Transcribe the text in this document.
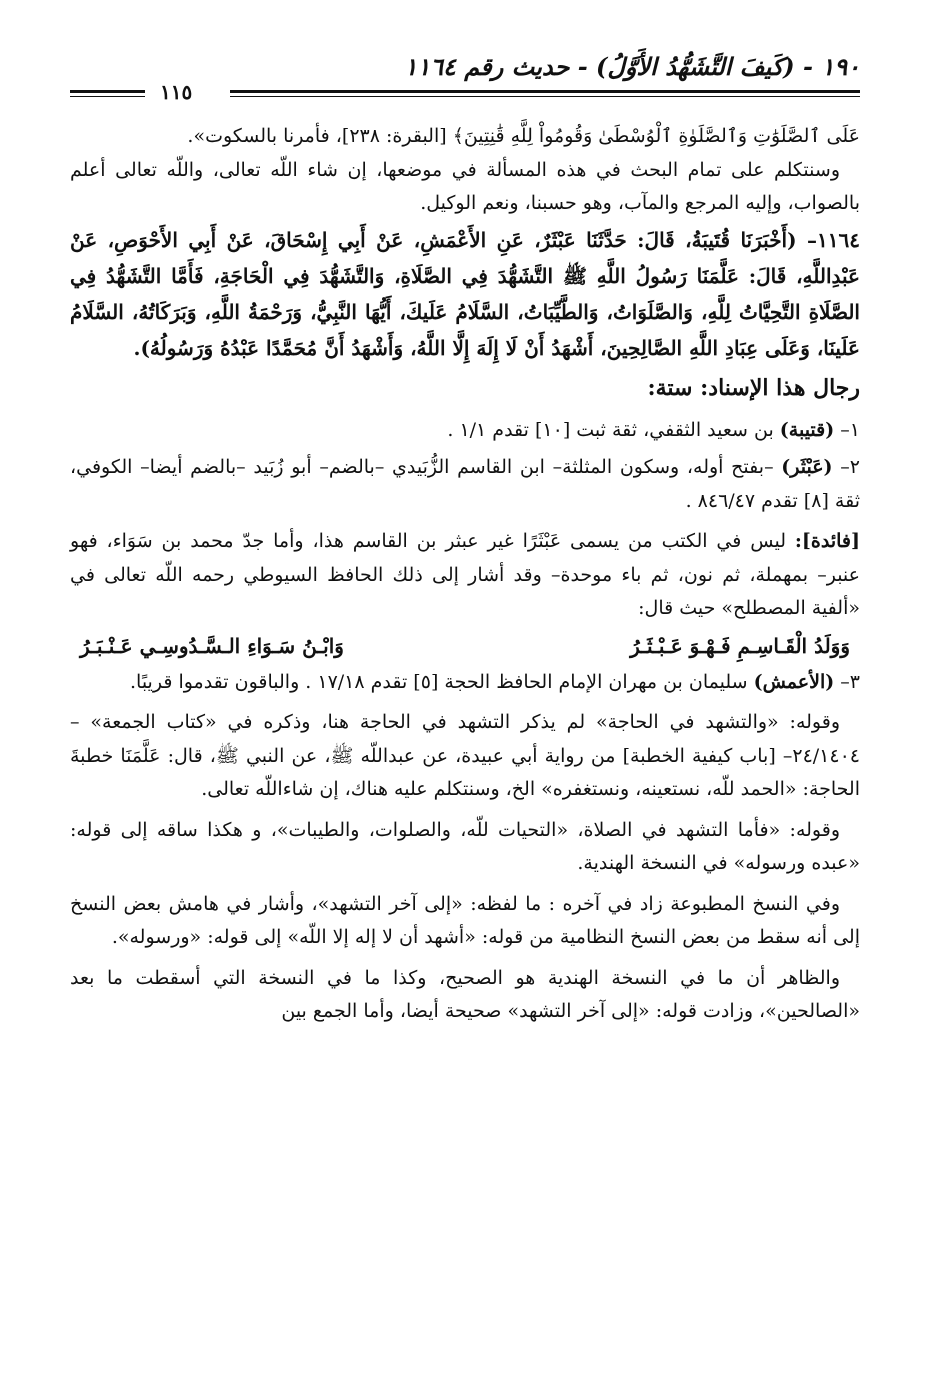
١٩٠ - (كَيفَ التَّشَهُّدُ الأَوَّلُ) - حديث رقم ١١٦٤
١١٥

عَلَى ٱلصَّلَوَٰتِ وَٱلصَّلَوٰةِ ٱلْوُسْطَىٰ وَقُومُواْ لِلَّهِ قَٰنِتِينَ﴾ [البقرة: ٢٣٨]، فأمرنا بالسكوت».

وسنتكلم على تمام البحث في هذه المسألة في موضعها، إن شاء اللّه تعالى، واللّه تعالى أعلم بالصواب، وإليه المرجع والمآب، وهو حسبنا، ونعم الوكيل.

١١٦٤– (أَخْبَرَنَا قُتَيبَةُ، قَالَ: حَدَّثَنَا عَبْثَرٌ، عَنِ الأَعْمَشِ، عَنْ أَبِي إِسْحَاقَ، عَنْ أَبِي الأَحْوَصِ، عَنْ عَبْدِاللَّهِ، قَالَ: عَلَّمَنَا رَسُولُ اللَّهِ ﷺ التَّشَهُّدَ فِي الصَّلَاةِ، وَالتَّشَهُّدَ فِي الْحَاجَةِ، فَأَمَّا التَّشَهُّدُ فِي الصَّلَاةِ التَّحِيَّاتُ لِلَّهِ، وَالصَّلَوَاتُ، وَالطَّيِّبَاتُ، السَّلَامُ عَلَيكَ، أَيُّهَا النَّبِيُّ، وَرَحْمَةُ اللَّهِ، وَبَرَكَاتُهُ، السَّلَامُ عَلَينَا، وَعَلَى عِبَادِ اللَّهِ الصَّالِحِينَ، أَشْهَدُ أَنْ لَا إِلَهَ إِلَّا اللَّهُ، وَأَشْهَدُ أَنَّ مُحَمَّدًا عَبْدُهُ وَرَسُولُهُ).

رجال هذا الإسناد: ستة:

١– (قتيبة) بن سعيد الثقفي، ثقة ثبت [١٠] تقدم ١/١ .

٢– (عَبْثَر) –بفتح أوله، وسكون المثلثة– ابن القاسم الزُّبَيدي –بالضم– أبو زُبَيد –بالضم أيضا– الكوفي، ثقة [٨] تقدم ٨٤٦/٤٧ .

[فائدة]: ليس في الكتب من يسمى عَبْثَرًا غير عبثر بن القاسم هذا، وأما جدّ محمد بن سَوَاء، فهو عنبر– بمهملة، ثم نون، ثم باء موحدة– وقد أشار إلى ذلك الحافظ السيوطي رحمه اللّه تعالى في «ألفية المصطلح» حيث قال:

وَوَلَدُ الْقَـاسِـمِ فَـهْـوَ عَـبْـثَـرُ
وَابْـنُ سَـوَاءِ الـسَّـدُوسِـي عَـنْـبَـرُ

٣– (الأعمش) سليمان بن مهران الإمام الحافظ الحجة [٥] تقدم ١٧/١٨ . والباقون تقدموا قريبًا.

وقوله: «والتشهد في الحاجة» لم يذكر التشهد في الحاجة هنا، وذكره في «كتاب الجمعة» –٢٤/١٤٠٤– [باب كيفية الخطبة] من رواية أبي عبيدة، عن عبداللّه ﷺ، عن النبي ﷺ، قال: عَلَّمَنَا خطبةَ الحاجة: «الحمد للّه، نستعينه، ونستغفره» الخ، وسنتكلم عليه هناك، إن شاءاللّه تعالى.

وقوله: «فأما التشهد في الصلاة، «التحيات للّه، والصلوات، والطيبات»، و هكذا ساقه إلى قوله: «عبده ورسوله» في النسخة الهندية.

وفي النسخ المطبوعة زاد في آخره : ما لفظه: «إلى آخر التشهد»، وأشار في هامش بعض النسخ إلى أنه سقط من بعض النسخ النظامية من قوله: «أشهد أن لا إله إلا اللّه» إلى قوله: «ورسوله».

والظاهر أن ما في النسخة الهندية هو الصحيح، وكذا ما في النسخة التي أسقطت ما بعد «الصالحين»، وزادت قوله: «إلى آخر التشهد» صحيحة أيضا، وأما الجمع بين
